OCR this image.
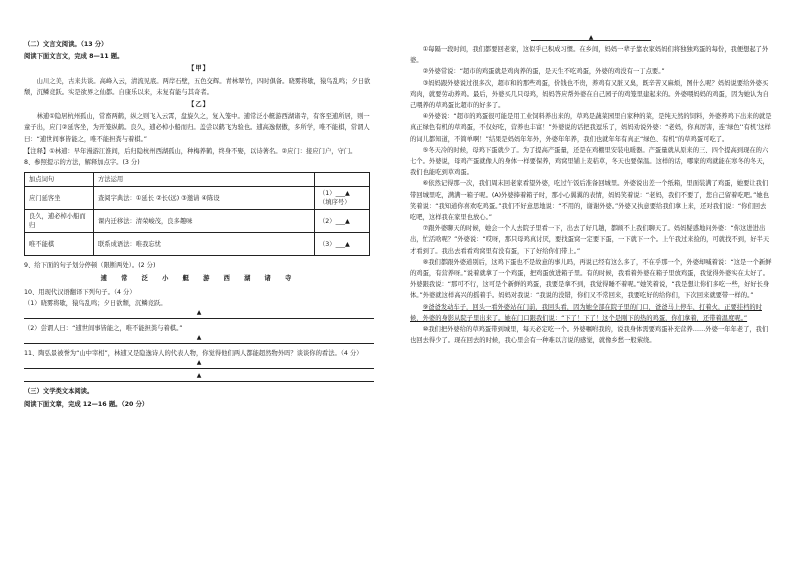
（二）文言文阅读。（13 分）

阅读下面文言文，完成 8—11 题。

【甲】

山川之美，古来共谈。高峰入云，清流见底。两岸石壁，五色交辉。青林翠竹，四时俱备。晓雾将歇，猿鸟乱鸣；夕日欲颓，沉鳞竞跃。实是欲界之仙都。自康乐以来，未复有能与其奇者。

【乙】

林逋①隐居杭州孤山，常畜两鹤，纵之则飞入云霄，盘旋久之，复入笼中。逋常泛小艇游西湖诸寺，有客至逋所居，则一童子出，应门②延客坐，为开笼纵鹤。良久，逋必棹小船而归。盖尝以鹤飞为验也。逋高逸倨傲，多所学，唯不能棋，常谓人曰：“逋世间事皆能之，唯不能担粪与着棋。”

【注释】①林逋：早年漫游江淮间，后归隐杭州西湖孤山，种梅养鹤，终身不娶，以诗著名。②应门：接应门户，守门。

8、参照提示的方法，解释加点字。(3 分)

加点词句	方法运用	
应门延客坐	查阅字典法：①延长 ②长(远) ③邀请 ④陈设	（1）___▲
（填序号）
良久，逋必棹小船而归	课内迁移法：清荣峻茂，良多趣味	（2）___▲
唯不能棋	联系成语法：唯我忘忧	（3）___▲

9、给下面的句子划分停顿（限断两处）。(2 分)

逋 常 泛 小 艇 游 西 湖 诸 寺

10、用现代汉语翻译下列句子。（4 分）

（1）晓雾将歇，猿鸟乱鸣；夕日欲颓，沉鳞竞跃。

▲

（2）尝谓人曰：“逋世间事皆能之，唯不能担粪与着棋。”

▲

11、陶弘景被誉为“山中宰相”，林逋又是隐逸诗人的代表人物，你觉得他们两人都能超然物外吗？谈谈你的看法。（4 分）

▲
▲

（三）文学类文本阅读。

阅读下面文章，完成 12—16 题。（20 分）

▲

①每隔一段时间，我们都要回老家，这似乎已积成习惯。在乡间，妈妈一辈子靠农家妈妈们将独独鸡蛋的每份，我便想起了外婆。

②外婆常说：“超市的鸡蛋就是鸡肉养的蛋，是天生不吃鸡蛋，外婆的鸡没有一丁点要。”

③妈妈跟外婆说过很多次，超市和的那些鸡蛋，价钱也不贵，养鸡有又脏又臭，既辛苦又麻烦，图什么呢？妈妈说要给外婆买鸡肉，就要劳动养鸡。最后，外婆买几只母鸡，妈妈答应帮外婆在自己园子的鸡笼里建起来的。外婆喂妈妈的鸡蛋，因为她认为自己喂养的草鸡蛋比超市的好多了。

④外婆说：“超市的鸡蛋很可能是用工业饲料养出来的，草鸡是蔬菜园里自家种的菜，是纯天然的饲料，外婆养鸡下出来的就是真正绿色有机的草鸡蛋，不仅好吃，营养也丰富！”外婆说的话把我逗乐了，妈妈劝说外婆：“老妈，你真厉害，连‘绿色’‘有机’这样的词儿都知道，不简单啊！”结果是妈妈年年外，外婆年年养，我们也就年年有真正“绿色、有机”的草鸡蛋可吃了。

⑤冬天冷的时候，母鸡下蛋就少了。为了提高产蛋量，还是在鸡棚里安装电暖器。产蛋量就从原来的三、四个提高到现在的六七个。外婆说，母鸡产蛋就像人的身体一样要保养，鸡窝里铺上麦秸草，冬天也要保温。这样的话，哪家的鸡就能在寒冬的冬天，我们也能吃到草鸡蛋。

⑥依然记得那一次，我们周末回老家看望外婆，吃过午饭后准备回城里。外婆说出差一个纸箱，里面装满了鸡蛋，她要让我们带回城里吃，满满一箱子呢。(A)外婆捧着箱子时，那小心翼翼的表情，妈妈笑着说：“老妈，我们不要了，您自己留着吃吧。”她也笑着说：“我知道你喜欢吃鸡蛋。”我们不好意思地说：“不用的，谢谢外婆。”外婆又执意要给我们拿上来，还对我们说：“你们回去吃吧，这样我在家里也放心。”

⑦跟外婆聊天的时候，她会一个人去院子里看一下，出去了好几趟，都顾不上我们聊天了。妈妈疑惑地问外婆：“你这进进出出，忙活啥呢？”外婆说：“哎呀，那只母鸡真讨厌，要找蛋窝一定要下蛋，一下就下一个。上午我过来捡的，可就找不到，好半天才看到了。我出去看看鸡窝里有没有蛋，下了好给你们带上。”

⑧我们都跟外婆道别后，这鸡下蛋也不是故意的事儿吗，再说已经有这么多了，不在乎那一个，外婆却喊着说：“这是一个新鲜的鸡蛋，有营养呀。”说着就拿了一个鸡蛋，把鸡蛋放进箱子里。有的时候，我看着外婆在箱子里放鸡蛋，我觉得外婆实在太好了。外婆跟我说：“那可不行，这可是个新鲜的鸡蛋，我要是拿不到，我觉得睡不着呢。”她笑着说，“我是想让你们多吃一些，好好长身体。”外婆就这样高兴的摇着手。妈妈对我说：“我说的没错，你们又不常回来，我要吃好的给你们，下次回来就要带一样的。”

⑨爸爸发动车子，回头一看外婆站在门前，我回头看，因为她全部在院子里的门口，爸爸马上停车，打着火，正要挂档的时候，外婆的身影从院子里出来了。她在门口跟我们说：“下了！下了！这个是刚下的热的鸡蛋，你们拿着，还带着温度呢。”

⑩我们把外婆给的草鸡蛋带到城里，每天必定吃一个。外婆嘱咐我的，说我身体需要鸡蛋补充营养……外婆一年年老了，我们也回去得少了。现在回去的时候，我心里会有一种难以言说的感觉，就像乡愁一般萦绕。
